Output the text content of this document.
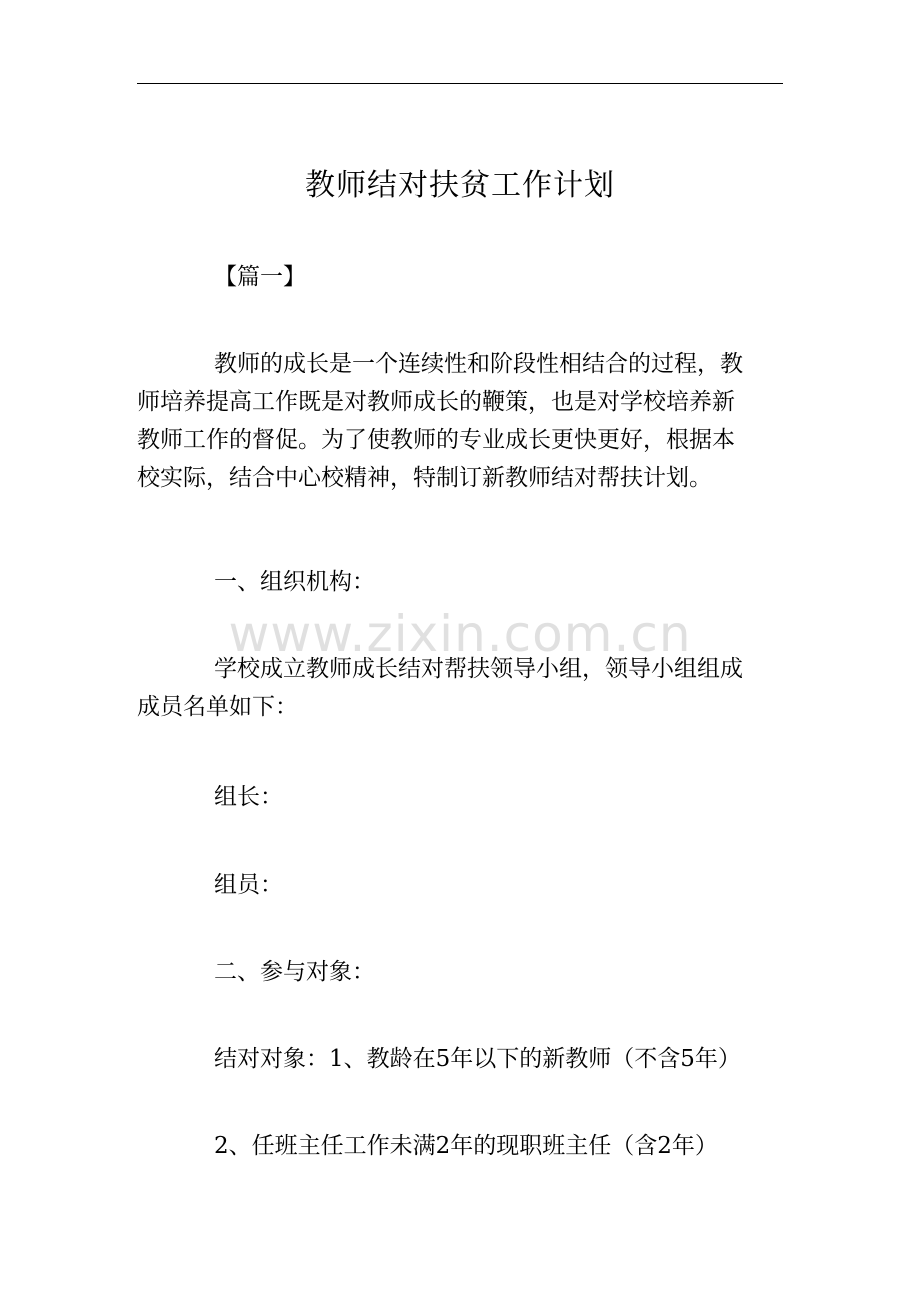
教师结对扶贫工作计划

【篇一】

教师的成长是一个连续性和阶段性相结合的过程，教
师培养提高工作既是对教师成长的鞭策，也是对学校培养新
教师工作的督促。为了使教师的专业成长更快更好，根据本
校实际，结合中心校精神，特制订新教师结对帮扶计划。

一、组织机构：

学校成立教师成长结对帮扶领导小组，领导小组组成
成员名单如下：

组长：

组员：

二、参与对象：

结对对象：1、教龄在5年以下的新教师（不含5年）

2、任班主任工作未满2年的现职班主任（含2年）

www.zixin.com.cn
